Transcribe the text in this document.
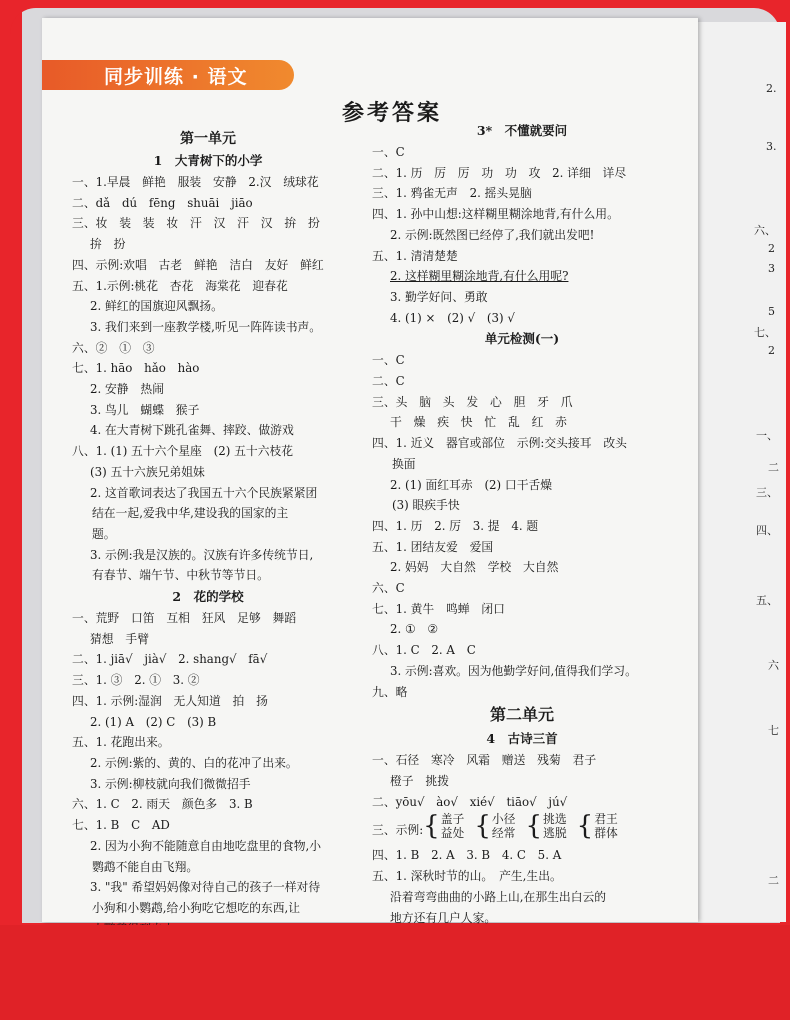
2.
3.
六、
2
3
5
七、
2
一、
二
三、
四、
五、
六
七
二
同步训练 · 语文
参考答案
第一单元
1　大青树下的小学
一、1.早晨　鲜艳　服装　安静　2.汉　绒球花
二、dǎ　dú　fēng　shuāi　jiāo
三、妆　装　装　妆　汗　汉　汗　汉　拚　扮
拚　扮
四、示例:欢唱　古老　鲜艳　洁白　友好　鲜红
五、1.示例:桃花　杏花　海棠花　迎春花
2. 鲜红的国旗迎风飘扬。
3. 我们来到一座教学楼,听见一阵阵读书声。
六、②　①　③
七、1. hāo　hǎo　hào
2. 安静　热闹
3. 鸟儿　蝴蝶　猴子
4. 在大青树下跳孔雀舞、摔跤、做游戏
八、1. (1) 五十六个星座　(2) 五十六枝花
(3) 五十六族兄弟姐妹
2. 这首歌词表达了我国五十六个民族紧紧团
结在一起,爱我中华,建设我的国家的主
题。
3. 示例:我是汉族的。汉族有许多传统节日,
有春节、端午节、中秋节等节日。
2　花的学校
一、荒野　口笛　互相　狂风　足够　舞蹈
猜想　手臂
二、1. jiā√　jià√　2. shang√　fā√
三、1. ③　2. ①　3. ②
四、1. 示例:湿润　无人知道　拍　扬
2. (1) A　(2) C　(3) B
五、1. 花跑出来。
2. 示例:紫的、黄的、白的花冲了出来。
3. 示例:柳枝就向我们微微招手
六、1. C　2. 雨天　颜色多　3. B
七、1. B　C　AD
2. 因为小狗不能随意自由地吃盘里的食物,小
鹦鹉不能自由飞翔。
3. "我" 希望妈妈像对待自己的孩子一样对待
小狗和小鹦鹉,给小狗吃它想吃的东西,让
3*　不懂就要问
一、C
二、1. 历　厉　厉　功　功　攻　2. 详细　详尽
三、1. 鸦雀无声　2. 摇头晃脑
四、1. 孙中山想:这样糊里糊涂地背,有什么用。
2. 示例:既然图已经停了,我们就出发吧!
五、1. 清清楚楚
2. 这样糊里糊涂地背,有什么用呢?
3. 勤学好问、勇敢
4. (1) ×　(2) √　(3) √
单元检测(一)
一、C
二、C
三、头　脑　头　发　心　胆　牙　爪
干　燥　疾　快　忙　乱　红　赤
四、1. 近义　器官或部位　示例:交头接耳　改头
换面
2. (1) 面红耳赤　(2) 口干舌燥
(3) 眼疾手快
四、1. 历　2. 厉　3. 提　4. 题
五、1. 团结友爱　爱国
2. 妈妈　大自然　学校　大自然
六、C
七、1. 黄牛　鸣蝉　闭口
2. ①　②
八、1. C　2. A　C
3. 示例:喜欢。因为他勤学好问,值得我们学习。
九、略
第二单元
4　古诗三首
一、石径　寒冷　风霜　赠送　残菊　君子
橙子　挑拨
二、yōu√　ào√　xié√　tiāo√　jú√
三、示例: { 盖子
益处 { 小径
经常 { 挑选
逃脱 { 君王
群体
四、1. B　2. A　3. B　4. C　5. A
五、1. 深秋时节的山。　产生,生出。
沿着弯弯曲曲的小路上山,在那生出白云的
地方还有几户人家。
